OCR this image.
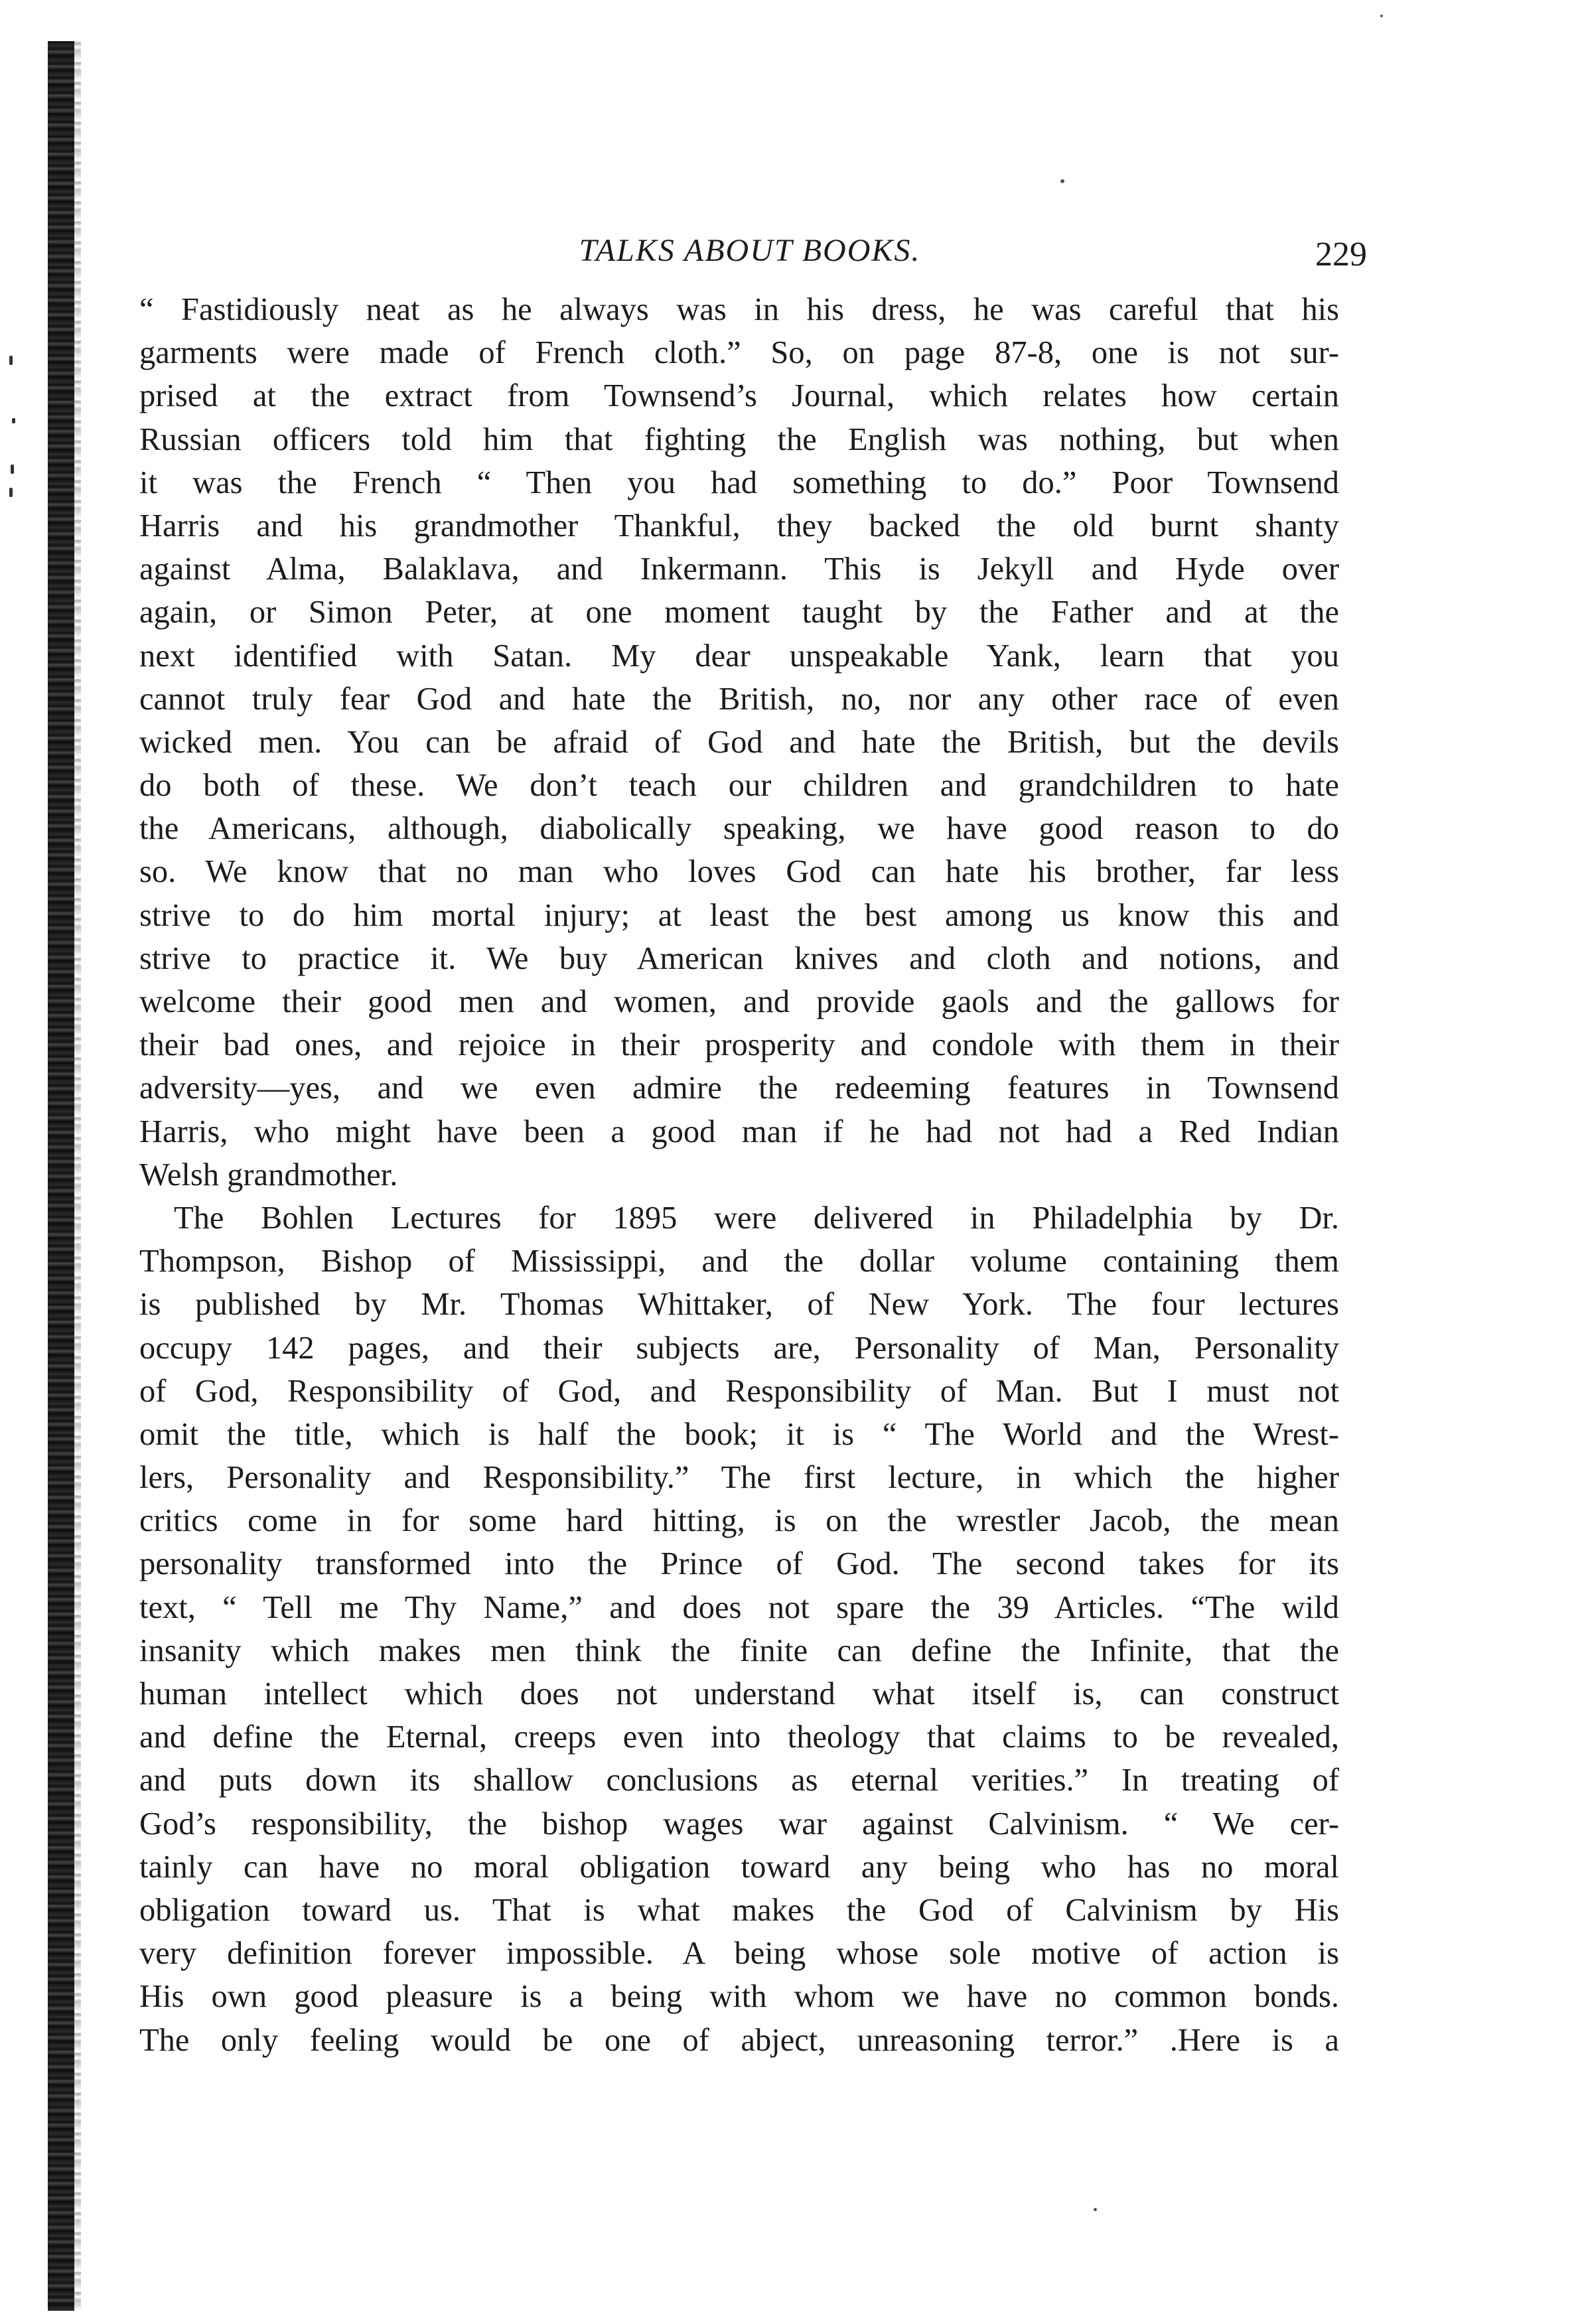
TALKS ABOUT BOOKS.	229
“ Fastidiously neat as he always was in his dress, he was careful that his
garments were made of French cloth.” So, on page 87-8, one is not sur-
prised at the extract from Townsend’s Journal, which relates how certain
Russian officers told him that fighting the English was nothing, but when
it was the French “ Then you had something to do.” Poor Townsend
Harris and his grandmother Thankful, they backed the old burnt shanty
against Alma, Balaklava, and Inkermann. This is Jekyll and Hyde over
again, or Simon Peter, at one moment taught by the Father and at the
next identified with Satan. My dear unspeakable Yank, learn that you
cannot truly fear God and hate the British, no, nor any other race of even
wicked men. You can be afraid of God and hate the British, but the devils
do both of these. We don’t teach our children and grandchildren to hate
the Americans, although, diabolically speaking, we have good reason to do
so. We know that no man who loves God can hate his brother, far less
strive to do him mortal injury; at least the best among us know this and
strive to practice it. We buy American knives and cloth and notions, and
welcome their good men and women, and provide gaols and the gallows for
their bad ones, and rejoice in their prosperity and condole with them in their
adversity—yes, and we even admire the redeeming features in Townsend
Harris, who might have been a good man if he had not had a Red Indian
Welsh grandmother.
The Bohlen Lectures for 1895 were delivered in Philadelphia by Dr.
Thompson, Bishop of Mississippi, and the dollar volume containing them
is published by Mr. Thomas Whittaker, of New York. The four lectures
occupy 142 pages, and their subjects are, Personality of Man, Personality
of God, Responsibility of God, and Responsibility of Man. But I must not
omit the title, which is half the book; it is “ The World and the Wrest-
lers, Personality and Responsibility.” The first lecture, in which the higher
critics come in for some hard hitting, is on the wrestler Jacob, the mean
personality transformed into the Prince of God. The second takes for its
text, “ Tell me Thy Name,” and does not spare the 39 Articles. “The wild
insanity which makes men think the finite can define the Infinite, that the
human intellect which does not understand what itself is, can construct
and define the Eternal, creeps even into theology that claims to be revealed,
and puts down its shallow conclusions as eternal verities.” In treating of
God’s responsibility, the bishop wages war against Calvinism. “ We cer-
tainly can have no moral obligation toward any being who has no moral
obligation toward us. That is what makes the God of Calvinism by His
very definition forever impossible. A being whose sole motive of action is
His own good pleasure is a being with whom we have no common bonds.
The only feeling would be one of abject, unreasoning terror.” .Here is a
